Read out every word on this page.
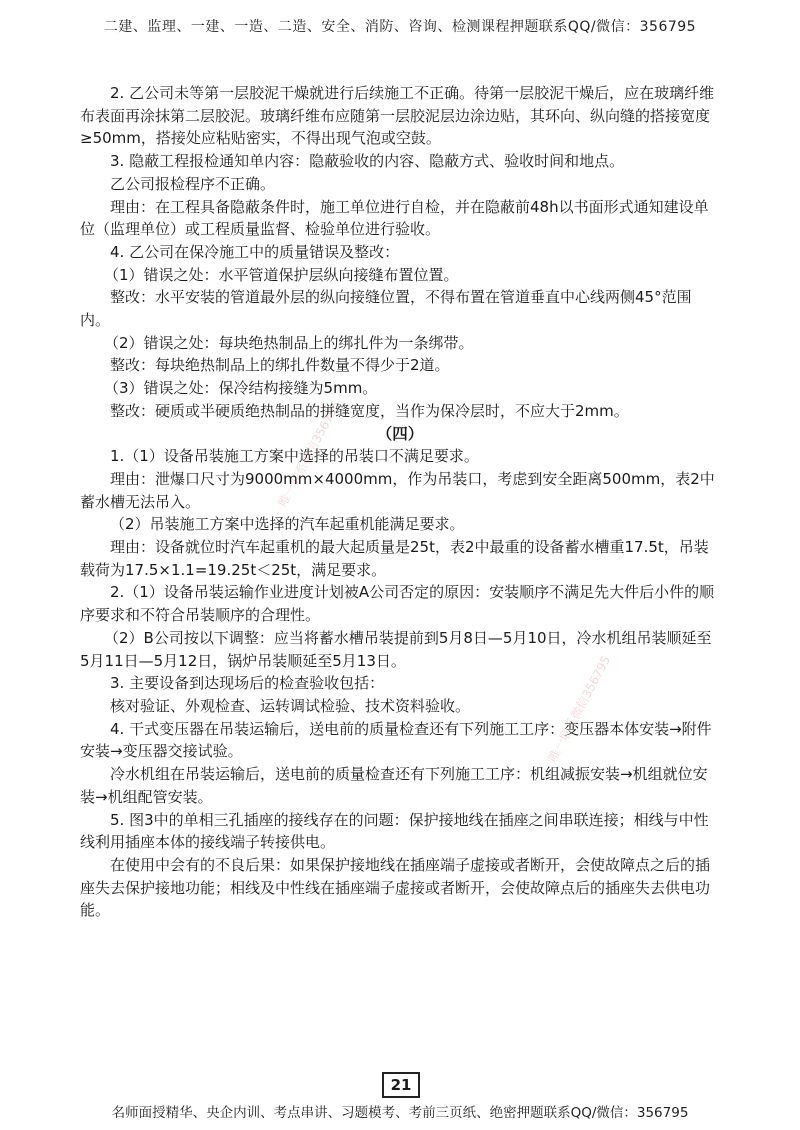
二建、监理、一建、一造、二造、安全、消防、咨询、检测课程押题联系QQ/微信：356795
唯一联系微信356795
唯一联系微信356795

2. 乙公司未等第一层胶泥干燥就进行后续施工不正确。待第一层胶泥干燥后，应在玻璃纤维布表面再涂抹第二层胶泥。玻璃纤维布应随第一层胶泥层边涂边贴，其环向、纵向缝的搭接宽度≥50mm，搭接处应粘贴密实，不得出现气泡或空鼓。

3. 隐蔽工程报检通知单内容：隐蔽验收的内容、隐蔽方式、验收时间和地点。

乙公司报检程序不正确。

理由：在工程具备隐蔽条件时，施工单位进行自检，并在隐蔽前48h以书面形式通知建设单位（监理单位）或工程质量监督、检验单位进行验收。

4. 乙公司在保冷施工中的质量错误及整改：

（1）错误之处：水平管道保护层纵向接缝布置位置。

整改：水平安装的管道最外层的纵向接缝位置，不得布置在管道垂直中心线两侧45°范围内。

（2）错误之处：每块绝热制品上的绑扎件为一条绑带。

整改：每块绝热制品上的绑扎件数量不得少于2道。

（3）错误之处：保冷结构接缝为5mm。

整改：硬质或半硬质绝热制品的拼缝宽度，当作为保冷层时，不应大于2mm。

（四）

1.（1）设备吊装施工方案中选择的吊装口不满足要求。

理由：泄爆口尺寸为9000mm×4000mm，作为吊装口，考虑到安全距离500mm，表2中蓄水槽无法吊入。

（2）吊装施工方案中选择的汽车起重机能满足要求。

理由：设备就位时汽车起重机的最大起质量是25t，表2中最重的设备蓄水槽重17.5t，吊装载荷为17.5×1.1=19.25t＜25t，满足要求。

2.（1）设备吊装运输作业进度计划被A公司否定的原因：安装顺序不满足先大件后小件的顺序要求和不符合吊装顺序的合理性。

（2）B公司按以下调整：应当将蓄水槽吊装提前到5月8日—5月10日，冷水机组吊装顺延至5月11日—5月12日，锅炉吊装顺延至5月13日。

3. 主要设备到达现场后的检查验收包括：

核对验证、外观检查、运转调试检验、技术资料验收。

4. 干式变压器在吊装运输后，送电前的质量检查还有下列施工工序：变压器本体安装→附件安装→变压器交接试验。

冷水机组在吊装运输后，送电前的质量检查还有下列施工工序：机组减振安装→机组就位安装→机组配管安装。

5. 图3中的单相三孔插座的接线存在的问题：保护接地线在插座之间串联连接；相线与中性线利用插座本体的接线端子转接供电。

在使用中会有的不良后果：如果保护接地线在插座端子虚接或者断开，会使故障点之后的插座失去保护接地功能；相线及中性线在插座端子虚接或者断开，会使故障点后的插座失去供电功能。

21
名师面授精华、央企内训、考点串讲、习题模考、考前三页纸、绝密押题联系QQ/微信：356795
